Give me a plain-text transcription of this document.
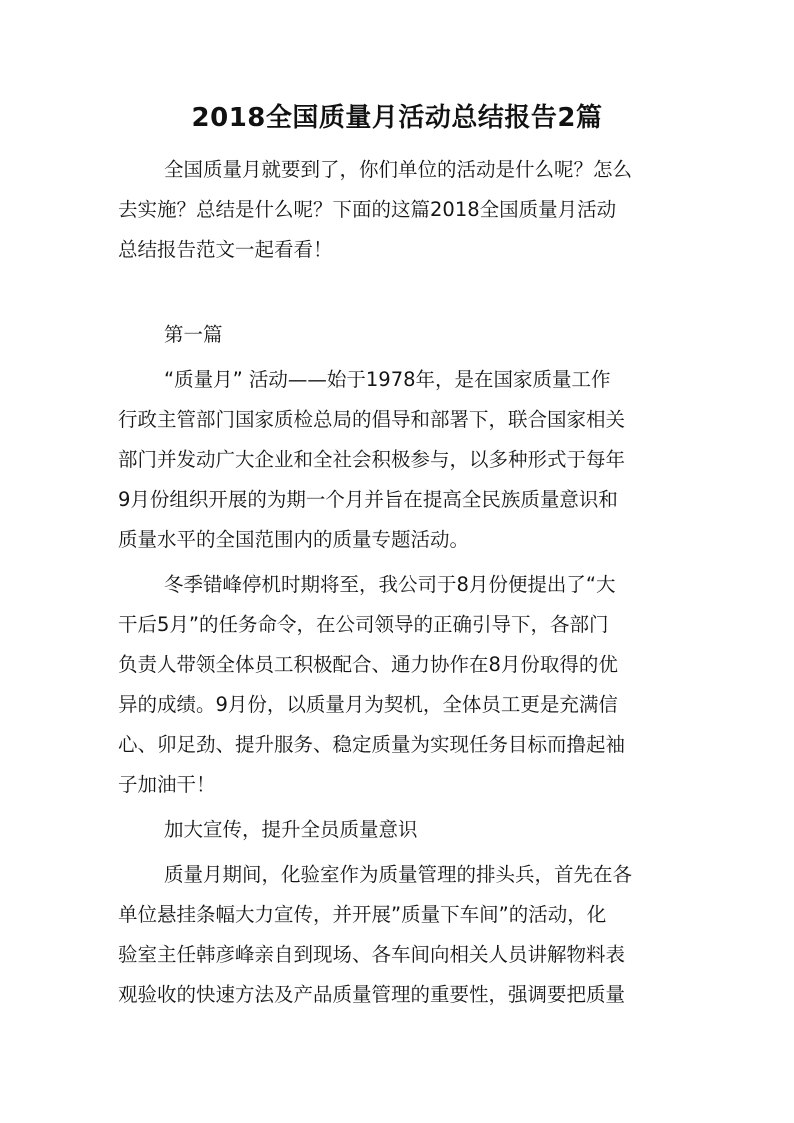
2018全国质量月活动总结报告2篇
全国质量月就要到了，你们单位的活动是什么呢？怎么
去实施？总结是什么呢？下面的这篇2018全国质量月活动
总结报告范文一起看看！
第一篇
“质量月” 活动——始于1978年，是在国家质量工作
行政主管部门国家质检总局的倡导和部署下，联合国家相关
部门并发动广大企业和全社会积极参与，以多种形式于每年
9月份组织开展的为期一个月并旨在提高全民族质量意识和
质量水平的全国范围内的质量专题活动。
冬季错峰停机时期将至，我公司于8月份便提出了“大
干后5月”的任务命令，在公司领导的正确引导下，各部门
负责人带领全体员工积极配合、通力协作在8月份取得的优
异的成绩。9月份，以质量月为契机，全体员工更是充满信
心、卯足劲、提升服务、稳定质量为实现任务目标而撸起袖
子加油干！
加大宣传，提升全员质量意识
质量月期间，化验室作为质量管理的排头兵，首先在各
单位悬挂条幅大力宣传，并开展”质量下车间”的活动，化
验室主任韩彦峰亲自到现场、各车间向相关人员讲解物料表
观验收的快速方法及产品质量管理的重要性，强调要把质量
